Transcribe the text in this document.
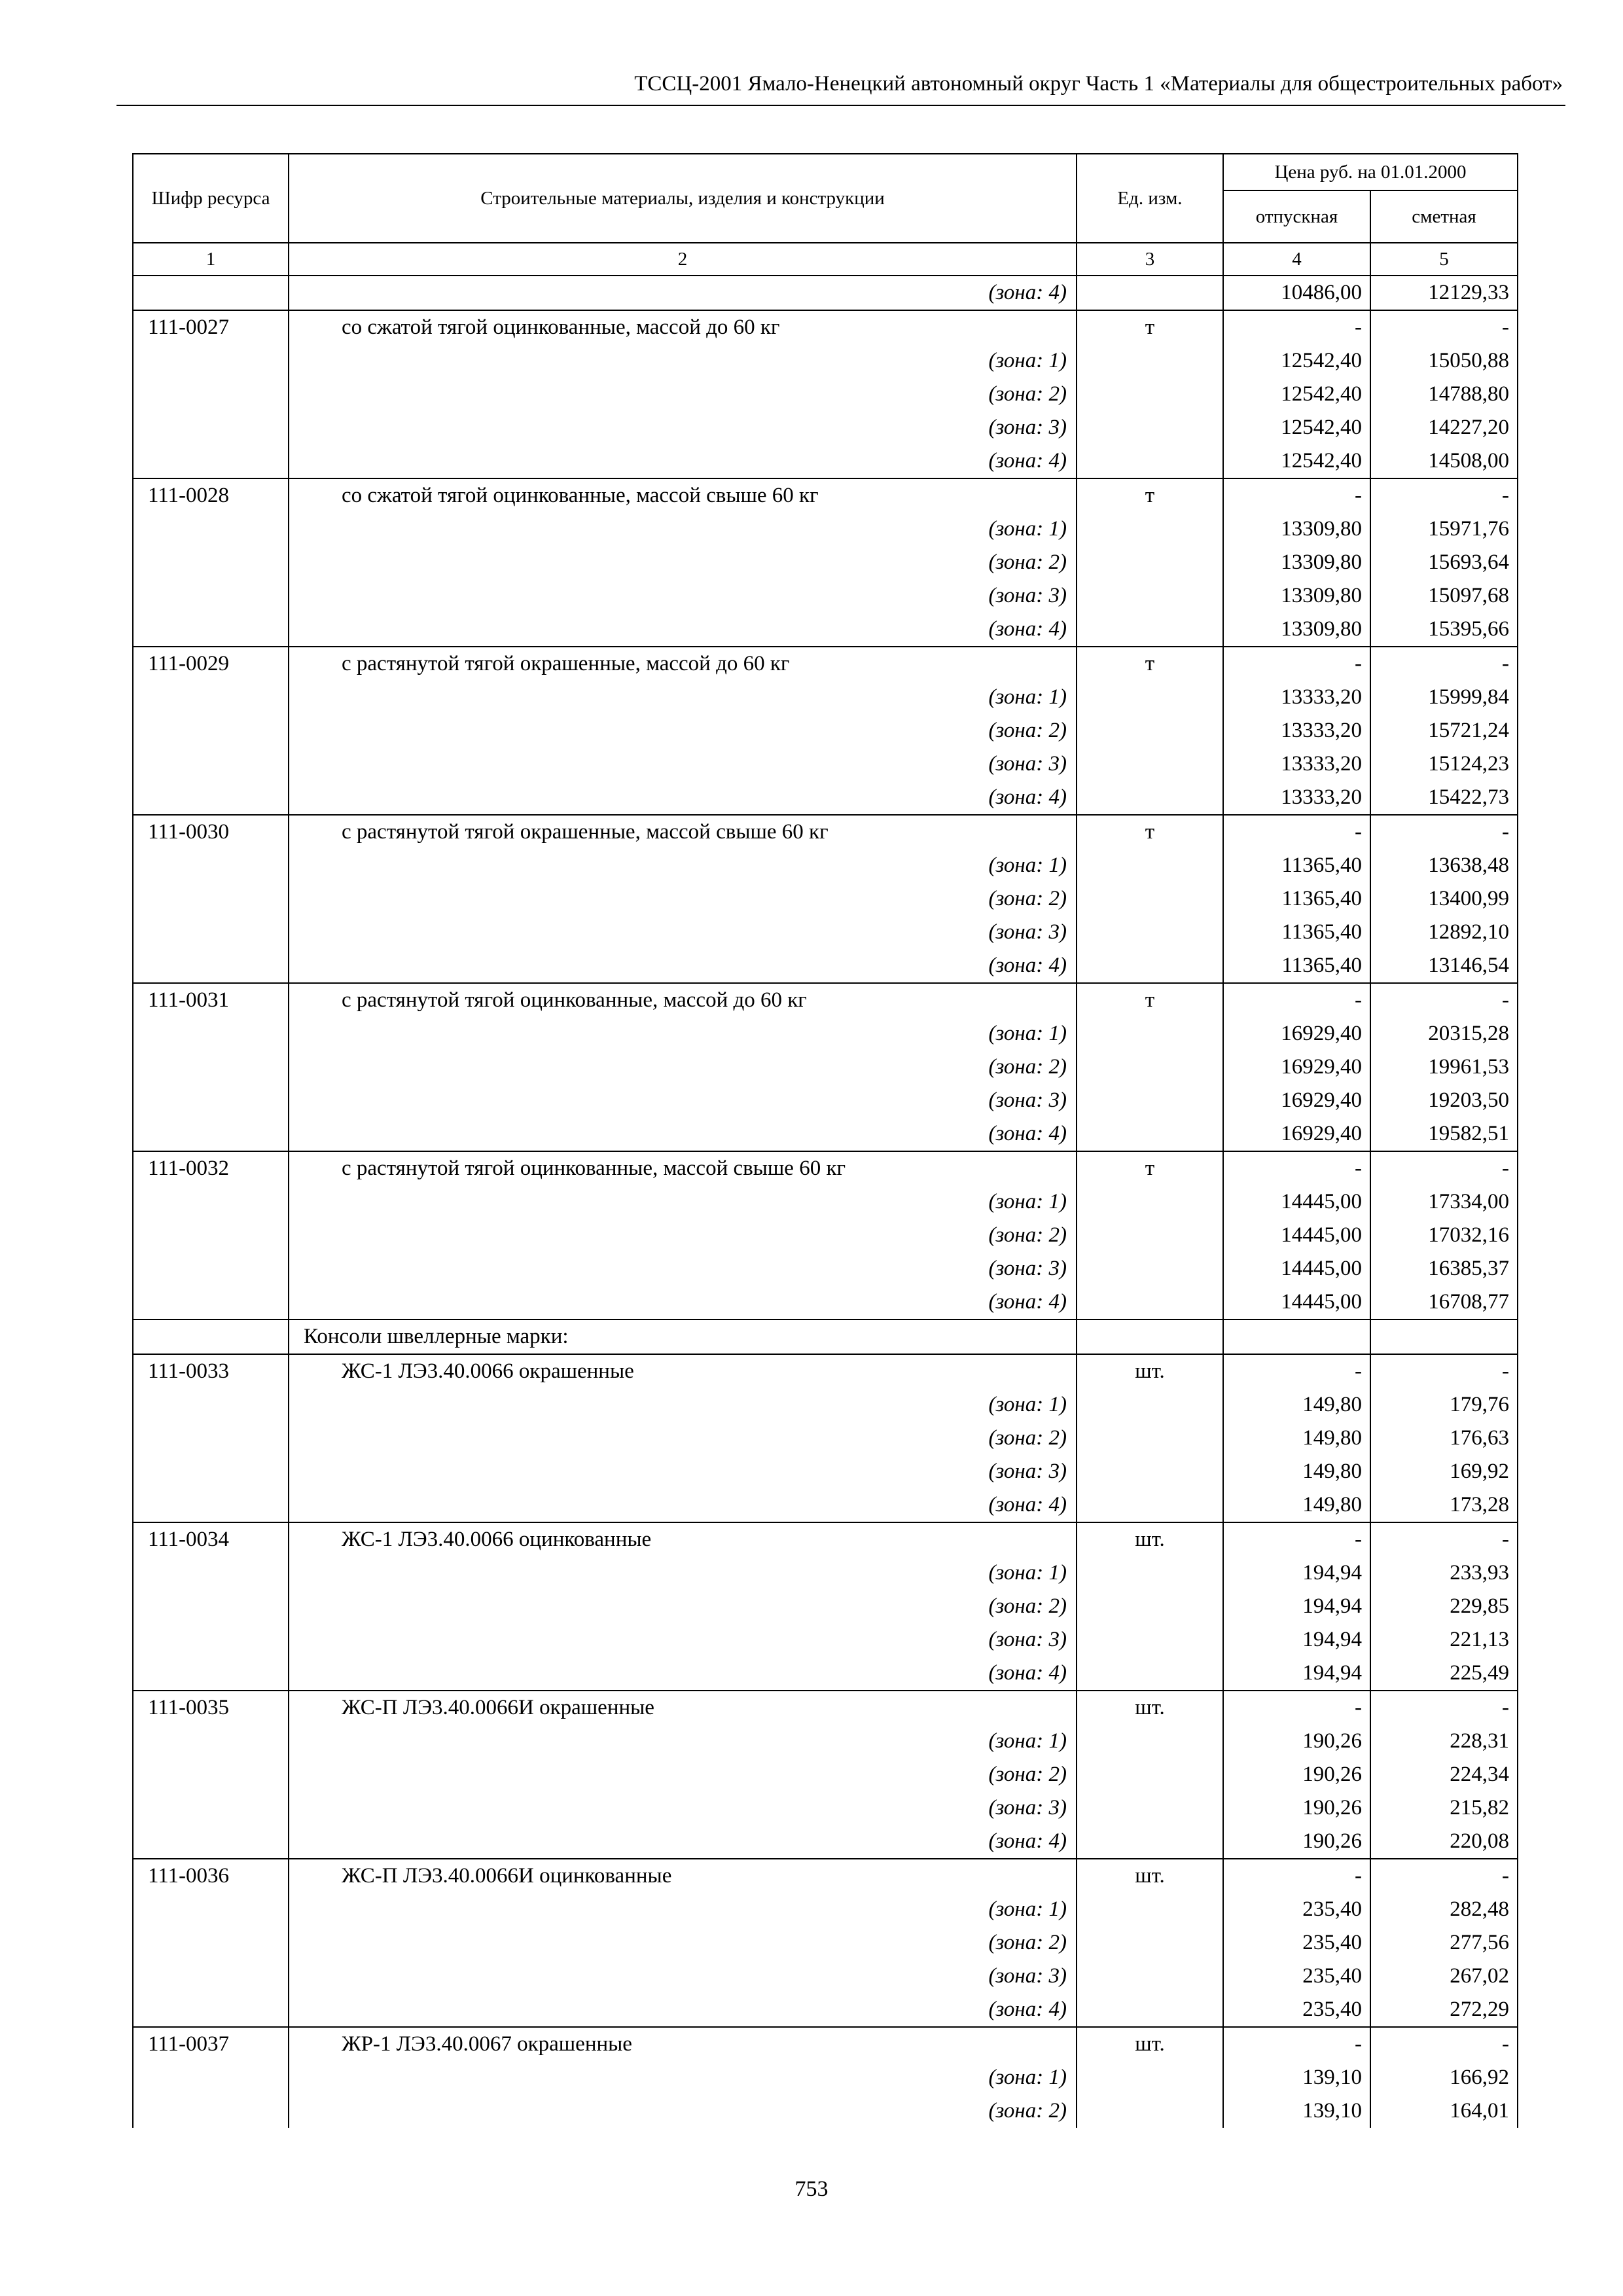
ТССЦ-2001 Ямало-Ненецкий автономный округ Часть 1 «Материалы для общестроительных работ»
Шифр ресурса	Строительные материалы, изделия и конструкции	Ед. изм.	Цена руб. на 01.01.2000	
			отпускная	сметная
1	2	3	4	5
	(зона: 4)		10486,00	12129,33
111-0027	со сжатой тягой оцинкованные, массой до 60 кг	т	-	-
	(зона: 1)		12542,40	15050,88
	(зона: 2)		12542,40	14788,80
	(зона: 3)		12542,40	14227,20
	(зона: 4)		12542,40	14508,00
111-0028	со сжатой тягой оцинкованные, массой свыше 60 кг	т	-	-
	(зона: 1)		13309,80	15971,76
	(зона: 2)		13309,80	15693,64
	(зона: 3)		13309,80	15097,68
	(зона: 4)		13309,80	15395,66
111-0029	с растянутой тягой окрашенные, массой до 60 кг	т	-	-
	(зона: 1)		13333,20	15999,84
	(зона: 2)		13333,20	15721,24
	(зона: 3)		13333,20	15124,23
	(зона: 4)		13333,20	15422,73
111-0030	с растянутой тягой окрашенные, массой свыше 60 кг	т	-	-
	(зона: 1)		11365,40	13638,48
	(зона: 2)		11365,40	13400,99
	(зона: 3)		11365,40	12892,10
	(зона: 4)		11365,40	13146,54
111-0031	с растянутой тягой оцинкованные, массой до 60 кг	т	-	-
	(зона: 1)		16929,40	20315,28
	(зона: 2)		16929,40	19961,53
	(зона: 3)		16929,40	19203,50
	(зона: 4)		16929,40	19582,51
111-0032	с растянутой тягой оцинкованные, массой свыше 60 кг	т	-	-
	(зона: 1)		14445,00	17334,00
	(зона: 2)		14445,00	17032,16
	(зона: 3)		14445,00	16385,37
	(зона: 4)		14445,00	16708,77
	Консоли швеллерные марки:			
111-0033	ЖС-1 ЛЭ3.40.0066 окрашенные	шт.	-	-
	(зона: 1)		149,80	179,76
	(зона: 2)		149,80	176,63
	(зона: 3)		149,80	169,92
	(зона: 4)		149,80	173,28
111-0034	ЖС-1 ЛЭ3.40.0066 оцинкованные	шт.	-	-
	(зона: 1)		194,94	233,93
	(зона: 2)		194,94	229,85
	(зона: 3)		194,94	221,13
	(зона: 4)		194,94	225,49
111-0035	ЖС-П ЛЭ3.40.0066И окрашенные	шт.	-	-
	(зона: 1)		190,26	228,31
	(зона: 2)		190,26	224,34
	(зона: 3)		190,26	215,82
	(зона: 4)		190,26	220,08
111-0036	ЖС-П ЛЭ3.40.0066И оцинкованные	шт.	-	-
	(зона: 1)		235,40	282,48
	(зона: 2)		235,40	277,56
	(зона: 3)		235,40	267,02
	(зона: 4)		235,40	272,29
111-0037	ЖР-1 ЛЭ3.40.0067 окрашенные	шт.	-	-
	(зона: 1)		139,10	166,92
	(зона: 2)		139,10	164,01
753
